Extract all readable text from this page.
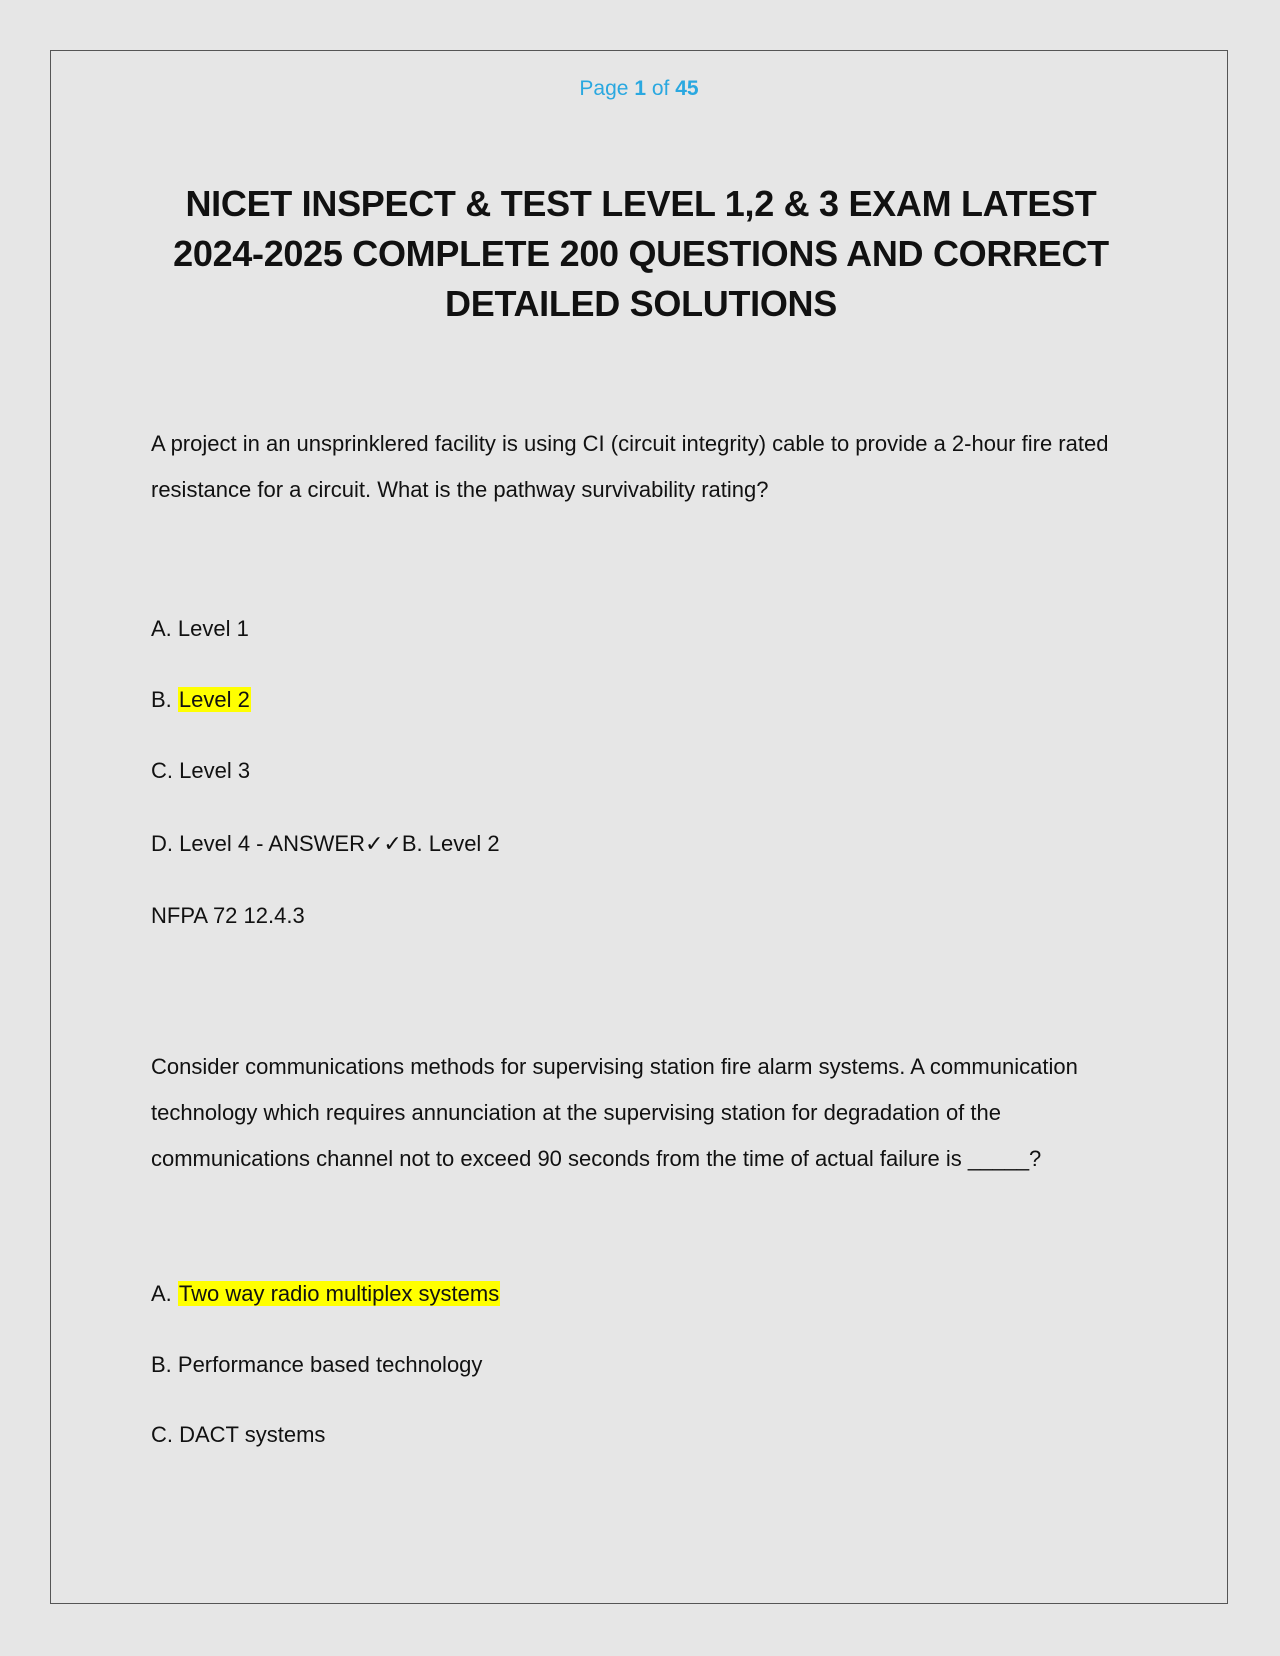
Page 1 of 45
NICET INSPECT & TEST LEVEL 1,2 & 3 EXAM LATEST 2024-2025 COMPLETE 200 QUESTIONS AND CORRECT DETAILED SOLUTIONS

A project in an unsprinklered facility is using CI (circuit integrity) cable to provide a 2-hour fire rated resistance for a circuit. What is the pathway survivability rating?

A. Level 1
B. Level 2
C. Level 3
D. Level 4 - ANSWER✓✓B. Level 2
NFPA 72 12.4.3

Consider communications methods for supervising station fire alarm systems. A communication technology which requires annunciation at the supervising station for degradation of the communications channel not to exceed 90 seconds from the time of actual failure is _____?

A. Two way radio multiplex systems
B. Performance based technology
C. DACT systems
